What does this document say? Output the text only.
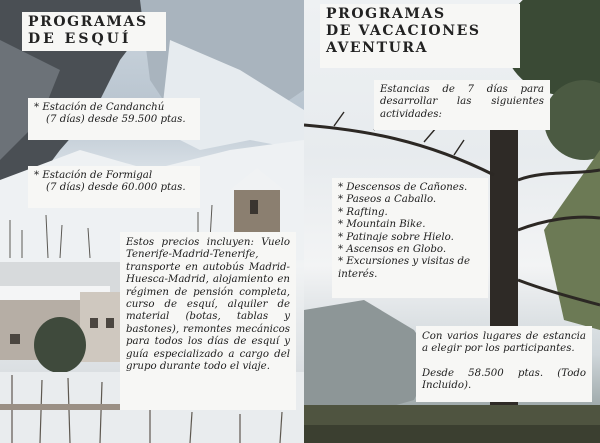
PROGRAMAS
DE ESQUÍ
* Estación de Candanchú
(7 días) desde 59.500 ptas.
* Estación de Formigal
(7 días) desde 60.000 ptas.
Estos precios incluyen: Vuelo Tenerife-Madrid-Tenerife, transporte en autobús Madrid-Huesca-Madrid, alojamiento en régimen de pensión completa, curso de esquí, alquiler de material (botas, tablas y bastones), remontes mecánicos para todos los días de esquí y guía especializado a cargo del grupo durante todo el viaje.
PROGRAMAS
DE VACACIONES
AVENTURA
Estancias de 7 días para desarrollar las siguientes actividades:
* Descensos de Cañones.
* Paseos a Caballo.
* Rafting.
* Mountain Bike.
* Patinaje sobre Hielo.
* Ascensos en Globo.
* Excursiones y visitas de interés.
Con varios lugares de estancia a elegir por los participantes.
Desde 58.500 ptas. (Todo Incluido).
